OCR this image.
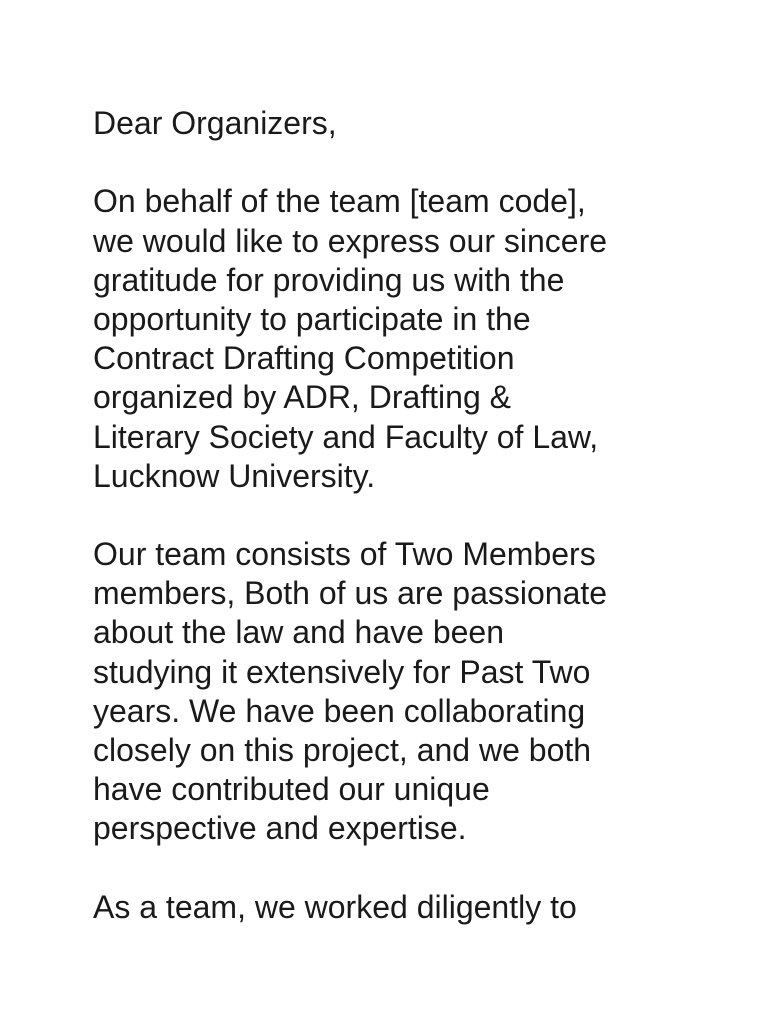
Dear Organizers,
On behalf of the team [team code],
we would like to express our sincere
gratitude for providing us with the
opportunity to participate in the
Contract Drafting Competition
organized by ADR, Drafting &
Literary Society and Faculty of Law,
Lucknow University.
Our team consists of Two Members
members, Both of us are passionate
about the law and have been
studying it extensively for Past Two
years. We have been collaborating
closely on this project, and we both
have contributed our unique
perspective and expertise.
As a team, we worked diligently to
